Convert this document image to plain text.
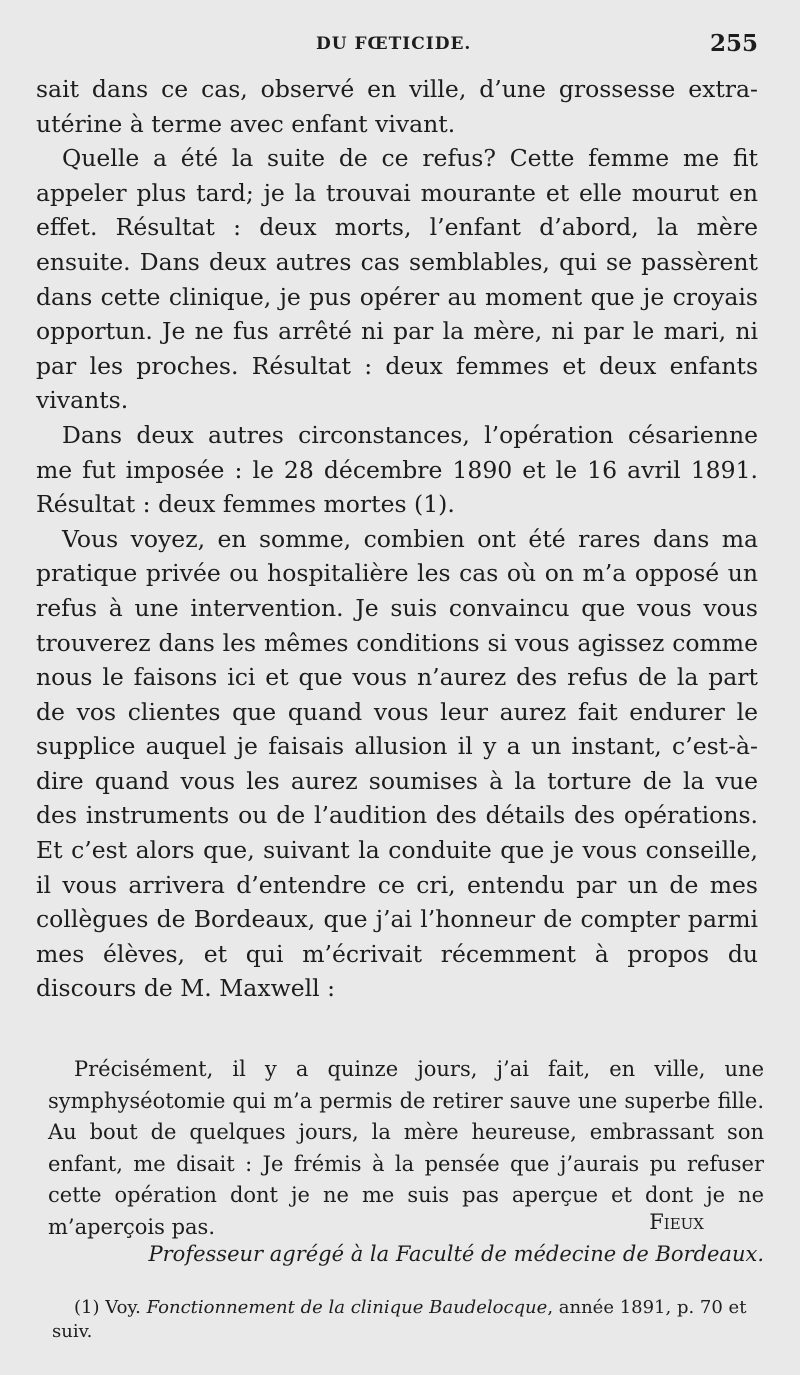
DU FŒTICIDE.	255

sait dans ce cas, observé en ville, d’une grossesse extra-utérine à terme avec enfant vivant.

Quelle a été la suite de ce refus? Cette femme me fit appeler plus tard; je la trouvai mourante et elle mourut en effet. Résultat : deux morts, l’enfant d’abord, la mère ensuite. Dans deux autres cas semblables, qui se passèrent dans cette clinique, je pus opérer au moment que je croyais opportun. Je ne fus arrêté ni par la mère, ni par le mari, ni par les proches. Résultat : deux femmes et deux enfants vivants.

Dans deux autres circonstances, l’opération césarienne me fut imposée : le 28 décembre 1890 et le 16 avril 1891. Résultat : deux femmes mortes (1).

Vous voyez, en somme, combien ont été rares dans ma pratique privée ou hospitalière les cas où on m’a opposé un refus à une intervention. Je suis convaincu que vous vous trouverez dans les mêmes conditions si vous agissez comme nous le faisons ici et que vous n’aurez des refus de la part de vos clientes que quand vous leur aurez fait endurer le supplice auquel je faisais allusion il y a un instant, c’est-à-dire quand vous les aurez soumises à la torture de la vue des instruments ou de l’audition des détails des opérations. Et c’est alors que, suivant la conduite que je vous conseille, il vous arrivera d’entendre ce cri, entendu par un de mes collègues de Bordeaux, que j’ai l’honneur de compter parmi mes élèves, et qui m’écrivait récemment à propos du discours de M. Maxwell :

Précisément, il y a quinze jours, j’ai fait, en ville, une symphyséotomie qui m’a permis de retirer sauve une superbe fille. Au bout de quelques jours, la mère heureuse, embrassant son enfant, me disait : Je frémis à la pensée que j’aurais pu refuser cette opération dont je ne me suis pas aperçue et dont je ne m’aperçois pas.	Fieux
Professeur agrégé à la Faculté de médecine de Bordeaux.
(1) Voy. Fonctionnement de la clinique Baudelocque, année 1891, p. 70 et suiv.
